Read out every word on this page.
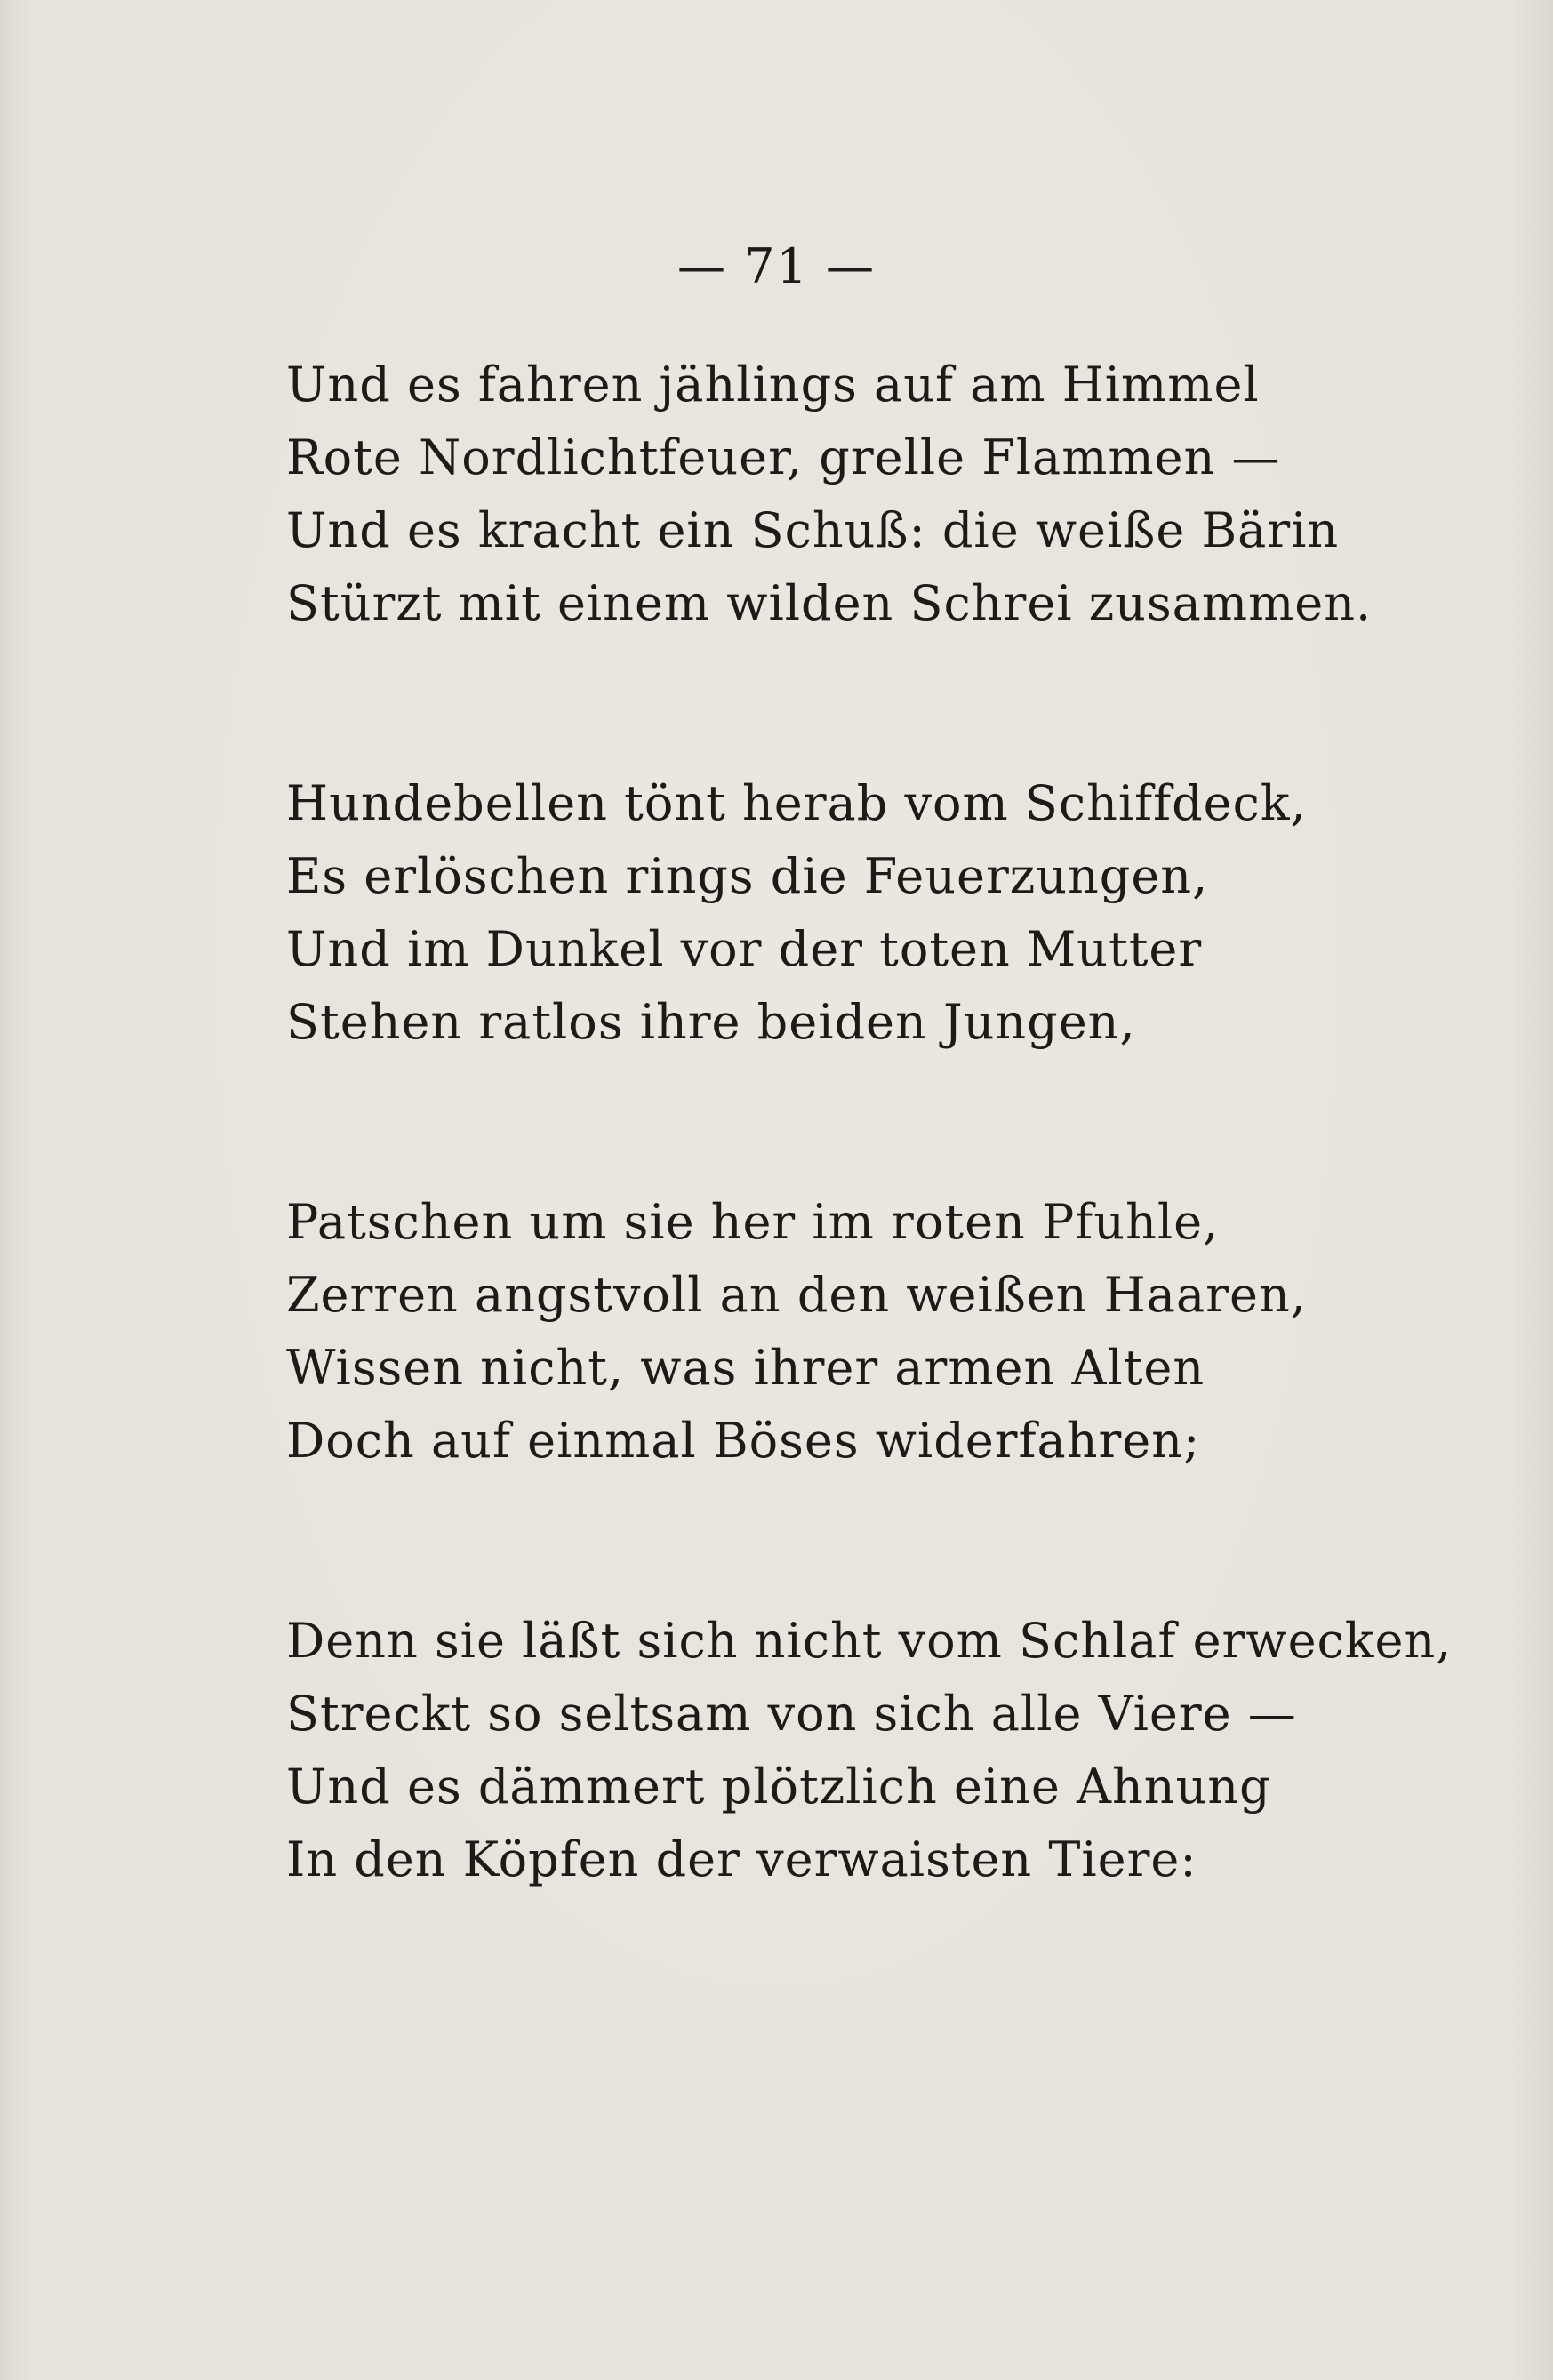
— 71 —
Und es fahren jählings auf am Himmel
Rote Nordlichtfeuer, grelle Flammen —
Und es kracht ein Schuß: die weiße Bärin
Stürzt mit einem wilden Schrei zusammen.
Hundebellen tönt herab vom Schiffdeck,
Es erlöschen rings die Feuerzungen,
Und im Dunkel vor der toten Mutter
Stehen ratlos ihre beiden Jungen,
Patschen um sie her im roten Pfuhle,
Zerren angstvoll an den weißen Haaren,
Wissen nicht, was ihrer armen Alten
Doch auf einmal Böses widerfahren;
Denn sie läßt sich nicht vom Schlaf erwecken,
Streckt so seltsam von sich alle Viere —
Und es dämmert plötzlich eine Ahnung
In den Köpfen der verwaisten Tiere:
